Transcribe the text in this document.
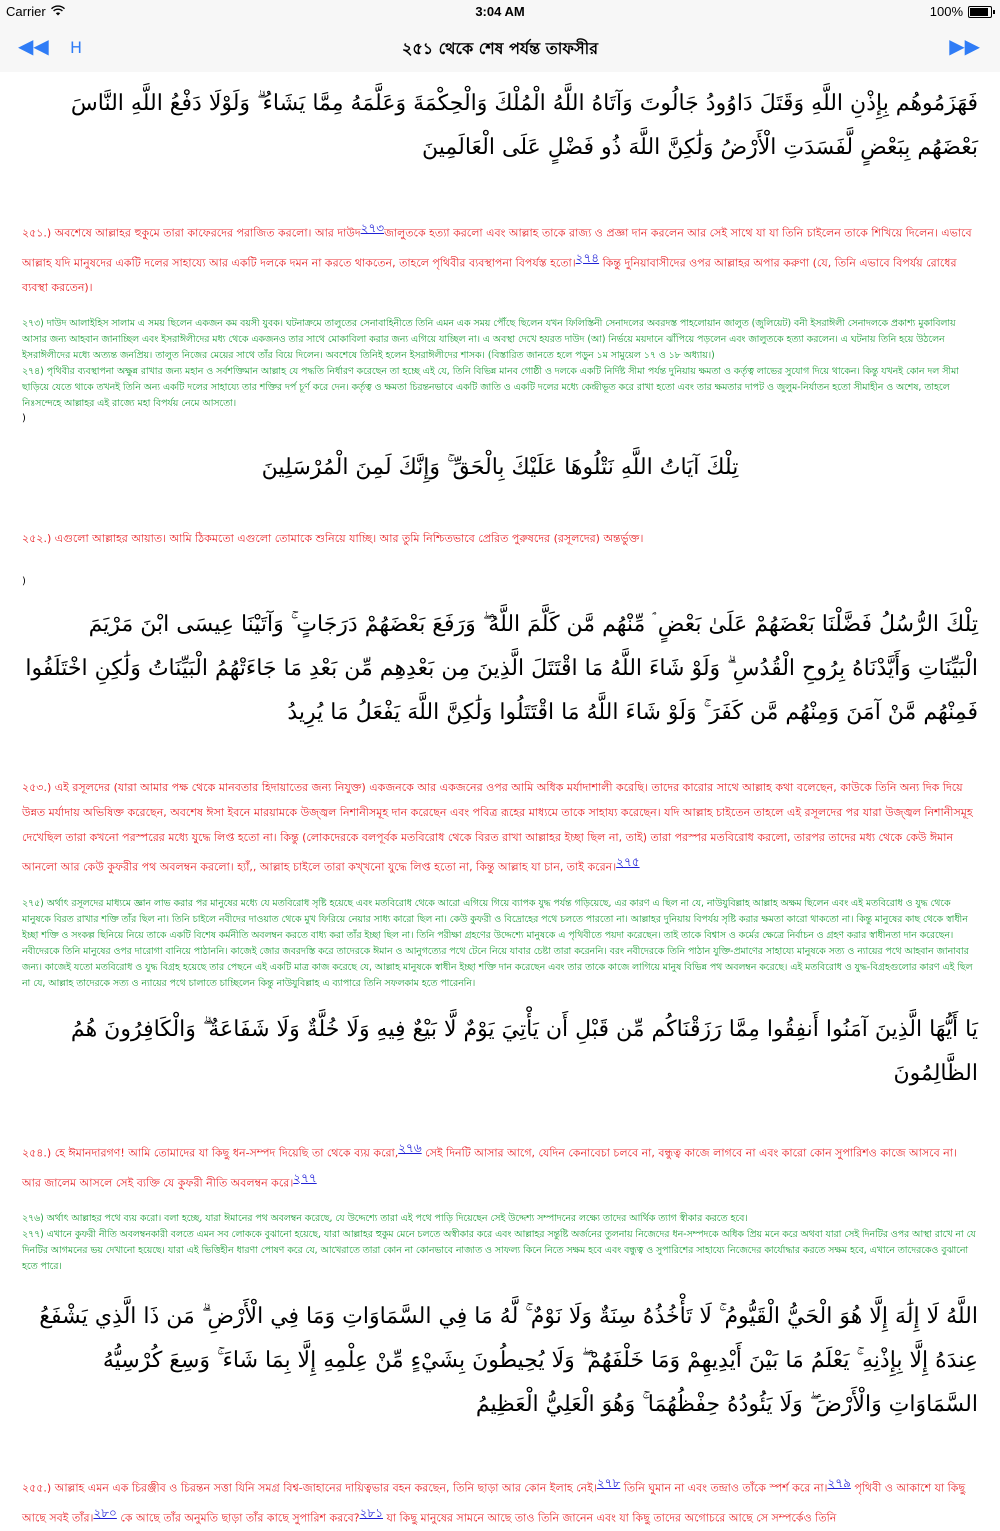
Carrier	3:04 AM	100%
◀◀ H	২৫১ থেকে শেষ পর্যন্ত তাফসীর	▶▶
فَهَزَمُوهُم بِإِذْنِ اللَّهِ وَقَتَلَ دَاوُودُ جَالُوتَ وَآتَاهُ اللَّهُ الْمُلْكَ وَالْحِكْمَةَ وَعَلَّمَهُ مِمَّا يَشَاءُ ۗ وَلَوْلَا دَفْعُ اللَّهِ النَّاسَ بَعْضَهُم بِبَعْضٍ لَّفَسَدَتِ الْأَرْضُ وَلَٰكِنَّ اللَّهَ ذُو فَضْلٍ عَلَى الْعَالَمِينَ
২৫১.) অবশেষে আল্লাহর হুকুমে তারা কাফেরদের পরাজিত করলো। আর দাউদ২৭৩জালুতকে হত্যা করলো এবং আল্লাহ তাকে রাজ্য ও প্রজ্ঞা দান করলেন আর সেই সাথে যা যা তিনি চাইলেন তাকে শিখিয়ে দিলেন। এভাবে আল্লাহ যদি মানুষদের একটি দলের সাহায্যে আর একটি দলকে দমন না করতে থাকতেন, তাহলে পৃথিবীর ব্যবস্থাপনা বিপর্যস্ত হতো।২৭৪ কিন্তু দুনিয়াবাসীদের ওপর আল্লাহর অপার করুণা (যে, তিনি এভাবে বিপর্যয় রোধের ব্যবস্থা করতেন)।
২৭৩) দাউদ আলাইহিস সালাম এ সময় ছিলেন একজন কম বয়সী যুবক। ঘটনাক্রমে তালুতের সেনাবাহিনীতে তিনি এমন এক সময় পৌঁছে ছিলেন যখন ফিলিস্তিনী সেনাদলের অবরদস্ত পাহলোয়ান জালুত (জুলিয়েট) বনী ইসরাঈলী সেনাদলকে প্রকাশ্য মুকাবিলায় আসার জন্য আহবান জানাচ্ছিল এবং ইসরাঈলীদের মধ্য থেকে একজনও তার সাথে মোকাবিলা করার জন্য এগিয়ে যাচ্ছিল না। এ অবস্থা দেখে হযরত দাউদ (আ) নির্ভয়ে ময়দানে ঝাঁপিয়ে পড়লেন এবং জালুতকে হত্যা করলেন। এ ঘটনায় তিনি হয়ে উঠলেন ইসরাঈলীদের মধ্যে অত্যন্ত জনপ্রিয়। তালুত নিজের মেয়ের সাথে তাঁর বিয়ে দিলেন। অবশেষে তিনিই হলেন ইসরাঈলীদের শাসক। (বিস্তারিত জানতে হলে পড়ুন ১ম সামুয়েল ১৭ ও ১৮ অধ্যায়।)
২৭৪) পৃথিবীর ব্যবস্থাপনা অক্ষুন্ন রাখার জন্য মহান ও সর্বশক্তিমান আল্লাহ যে পদ্ধতি নির্ধারণ করেছেন তা হচ্ছে এই যে, তিনি বিভিন্ন মানব গোষ্ঠী ও দলকে একটি নির্দিষ্ট সীমা পর্যন্ত দুনিয়ায় ক্ষমতা ও কর্তৃত্ব লাভের সুযোগ দিয়ে থাকেন। কিন্তু যখনই কোন দল সীমা ছাড়িয়ে যেতে থাকে তখনই তিনি অন্য একটি দলের সাহায্যে তার শক্তির দর্প চূর্ণ করে দেন। কর্তৃত্ব ও ক্ষমতা চিরন্তনভাবে একটি জাতি ও একটি দলের মধ্যে কেন্দ্রীভূত করে রাখা হতো এবং তার ক্ষমতার দাপট ও জুলুম-নির্যাতন হতো সীমাহীন ও অশেষ, তাহলে নিঃসন্দেহে আল্লাহর এই রাজ্যে মহা বিপর্যয় নেমে আসতো।
)
تِلْكَ آيَاتُ اللَّهِ نَتْلُوهَا عَلَيْكَ بِالْحَقِّ ۚ وَإِنَّكَ لَمِنَ الْمُرْسَلِينَ
২৫২.) এগুলো আল্লাহর আয়াত। আমি ঠিকমতো এগুলো তোমাকে শুনিয়ে যাচ্ছি। আর তুমি নিশ্চিতভাবে প্রেরিত পুরুষদের (রসূলদের) অন্তর্ভুক্ত।
)
تِلْكَ الرُّسُلُ فَضَّلْنَا بَعْضَهُمْ عَلَىٰ بَعْضٍ ۘ مِّنْهُم مَّن كَلَّمَ اللَّهُ ۖ وَرَفَعَ بَعْضَهُمْ دَرَجَاتٍ ۚ وَآتَيْنَا عِيسَى ابْنَ مَرْيَمَ الْبَيِّنَاتِ وَأَيَّدْنَاهُ بِرُوحِ الْقُدُسِ ۗ وَلَوْ شَاءَ اللَّهُ مَا اقْتَتَلَ الَّذِينَ مِن بَعْدِهِم مِّن بَعْدِ مَا جَاءَتْهُمُ الْبَيِّنَاتُ وَلَٰكِنِ اخْتَلَفُوا فَمِنْهُم مَّنْ آمَنَ وَمِنْهُم مَّن كَفَرَ ۚ وَلَوْ شَاءَ اللَّهُ مَا اقْتَتَلُوا وَلَٰكِنَّ اللَّهَ يَفْعَلُ مَا يُرِيدُ
২৫৩.) এই রসূলদের (যারা আমার পক্ষ থেকে মানবতার হিদায়াতের জন্য নিযুক্ত) একজনকে আর একজনের ওপর আমি অধিক মর্যাদাশালী করেছি। তাদের কারোর সাথে আল্লাহ কথা বলেছেন, কাউকে তিনি অন্য দিক দিয়ে উন্নত মর্যাদায় অভিষিক্ত করেছেন, অবশেষ ঈসা ইবনে মারয়ামকে উজ্জ্বল নিশানীসমূহ দান করেছেন এবং পবিত্র রূহের মাধ্যমে তাকে সাহায্য করেছেন। যদি আল্লাহ চাইতেন তাহলে এই রসূলদের পর যারা উজ্জ্বল নিশানীসমূহ দেখেছিল তারা কখনো পরস্পরের মধ্যে যুদ্ধে লিপ্ত হতো না। কিন্তু (লোকদেরকে বলপূর্বক মতবিরোধ থেকে বিরত রাখা আল্লাহর ইচ্ছা ছিল না, তাই) তারা পরস্পর মতবিরোধ করলো, তারপর তাদের মধ্য থেকে কেউ ঈমান আনলো আর কেউ কুফরীর পথ অবলম্বন করলো। হ্যাঁ,, আল্লাহ চাইলে তারা কখ্খনো যুদ্ধে লিপ্ত হতো না, কিন্তু আল্লাহ যা চান, তাই করেন।২৭৫
২৭৫) অর্থাৎ রসূলদের মাধ্যমে জ্ঞান লাভ করার পর মানুষের মধ্যে যে মতবিরোধ সৃষ্টি হয়েছে এবং মতবিরোধ থেকে আরো এগিয়ে গিয়ে ব্যাপক যুদ্ধ পর্যন্ত গড়িয়েছে, এর কারণ এ ছিল না যে, নাউযুবিল্লাহ আল্লাহ অক্ষম ছিলেন এবং এই মতবিরোধ ও যুদ্ধ থেকে মানুষকে বিরত রাখার শক্তি তাঁর ছিল না। তিনি চাইলে নবীদের দাওয়াত থেকে মুখ ফিরিয়ে নেয়ার সাধ্য কারো ছিল না। কেউ কুফরী ও বিদ্রোহের পথে চলতে পারতো না। আল্লাহর দুনিয়ায় বিপর্যয় সৃষ্টি করার ক্ষমতা কারো থাকতো না। কিন্তু মানুষের কাছ থেকে স্বাধীন ইচ্ছা শক্তি ও সংকল্প ছিনিয়ে নিয়ে তাকে একটি বিশেষ কর্মনীতি অবলম্বন করতে বাধ্য করা তাঁর ইচ্ছা ছিল না। তিনি পরীক্ষা গ্রহণের উদ্দেশ্যে মানুষকে এ পৃথিবীতে পয়দা করেছেন। তাই তাকে বিশ্বাস ও কর্মের ক্ষেত্রে নির্বাচন ও গ্রহণ করার স্বাধীনতা দান করেছেন। নবীদেরকে তিনি মানুষের ওপর দারোগা বানিয়ে পাঠাননি। কাজেই জোর জবরদস্তি করে তাদেরকে ঈমান ও আনুগত্যের পথে টেনে নিয়ে যাবার চেষ্টা তারা করেননি। বরং নবীদেরকে তিনি পাঠান যুক্তি-প্রমাণের সাহায্যে মানুষকে সত্য ও ন্যায়ের পথে আহবান জানাবার জন্য। কাজেই যতো মতবিরোধ ও যুদ্ধ বিগ্রহ হয়েছে তার পেছনে এই একটি মাত্র কাজ করেছে যে, আল্লাহ মানুষকে স্বাধীন ইচ্ছা শক্তি দান করেছেন এবং তার তাকে কাজে লাগিয়ে মানুষ বিভিন্ন পথ অবলম্বন করেছে। এই মতবিরোধ ও যুদ্ধ-বিগ্রহগুলোর কারণ এই ছিল না যে, আল্লাহ তাদেরকে সত্য ও ন্যায়ের পথে চালাতে চাচ্ছিলেন কিন্তু নাউযুবিল্লাহ এ ব্যাপারে তিনি সফলকাম হতে পারেননি।
يَا أَيُّهَا الَّذِينَ آمَنُوا أَنفِقُوا مِمَّا رَزَقْنَاكُم مِّن قَبْلِ أَن يَأْتِيَ يَوْمٌ لَّا بَيْعٌ فِيهِ وَلَا خُلَّةٌ وَلَا شَفَاعَةٌ ۗ وَالْكَافِرُونَ هُمُ الظَّالِمُونَ
২৫৪.) হে ঈমানদারগণ! আমি তোমাদের যা কিছু ধন-সম্পদ দিয়েছি তা থেকে ব্যয় করো,২৭৬ সেই দিনটি আসার আগে, যেদিন কেনাবেচা চলবে না, বন্ধুত্ব কাজে লাগবে না এবং কারো কোন সুপারিশও কাজে আসবে না। আর জালেম আসলে সেই ব্যক্তি যে কুফরী নীতি অবলম্বন করে।২৭৭
২৭৬) অর্থাৎ আল্লাহর পথে ব্যয় করো। বলা হচ্ছে, যারা ঈমানের পথ অবলম্বন করেছে, যে উদ্দেশ্যে তারা এই পথে পাড়ি দিয়েছেন সেই উদ্দেশ্য সম্পাদনের লক্ষ্যে তাদের আর্থিক ত্যাগ স্বীকার করতে হবে।
২৭৭) এখানে কুফরী নীতি অবলম্বনকারী বলতে এমন সব লোককে বুঝানো হয়েছে, যারা আল্লাহর হুকুম মেনে চলতে অস্বীকার করে এবং আল্লাহর সন্তুষ্টি অর্জনের তুলনায় নিজেদের ধন-সম্পদকে অধিক প্রিয় মনে করে অথবা যারা সেই দিনটির ওপর আস্থা রাখে না যে দিনটির আগমনের ভয় দেখানো হয়েছে। যারা এই ভিত্তিহীন ধারণা পোষণ করে যে, আখেরাতে তারা কোন না কোনভাবে নাজাত ও সাফল্য কিনে নিতে সক্ষম হবে এবং বন্ধুত্ব ও সুপারিশের সাহায্যে নিজেদের কার্যোদ্ধার করতে সক্ষম হবে, এখানে তাদেরকেও বুঝানো হতে পারে।
اللَّهُ لَا إِلَٰهَ إِلَّا هُوَ الْحَيُّ الْقَيُّومُ ۚ لَا تَأْخُذُهُ سِنَةٌ وَلَا نَوْمٌ ۚ لَّهُ مَا فِي السَّمَاوَاتِ وَمَا فِي الْأَرْضِ ۗ مَن ذَا الَّذِي يَشْفَعُ عِندَهُ إِلَّا بِإِذْنِهِ ۚ يَعْلَمُ مَا بَيْنَ أَيْدِيهِمْ وَمَا خَلْفَهُمْ ۖ وَلَا يُحِيطُونَ بِشَيْءٍ مِّنْ عِلْمِهِ إِلَّا بِمَا شَاءَ ۚ وَسِعَ كُرْسِيُّهُ السَّمَاوَاتِ وَالْأَرْضَ ۖ وَلَا يَئُودُهُ حِفْظُهُمَا ۚ وَهُوَ الْعَلِيُّ الْعَظِيمُ
২৫৫.) আল্লাহ এমন এক চিরঞ্জীব ও চিরন্তন সত্তা যিনি সমগ্র বিশ্ব-জাহানের দায়িত্বভার বহন করছেন, তিনি ছাড়া আর কোন ইলাহ নেই।২৭৮ তিনি ঘুমান না এবং তন্দ্রাও তাঁকে স্পর্শ করে না।২৭৯ পৃথিবী ও আকাশে যা কিছু আছে সবই তাঁর।২৮০ কে আছে তাঁর অনুমতি ছাড়া তাঁর কাছে সুপারিশ করবে?২৮১ যা কিছু মানুষের সামনে আছে তাও তিনি জানেন এবং যা কিছু তাদের অগোচরে আছে সে সম্পর্কেও তিনি
